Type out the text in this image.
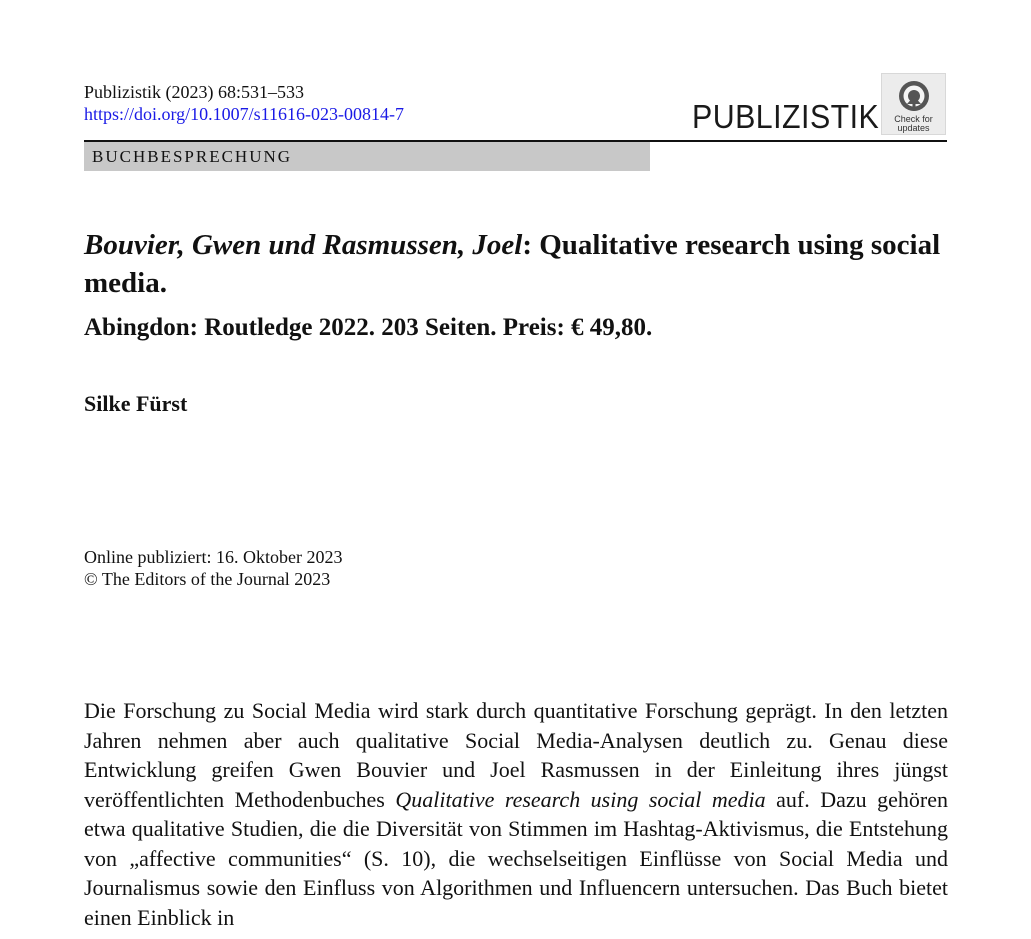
Publizistik (2023) 68:531–533
https://doi.org/10.1007/s11616-023-00814-7	PUBLIZISTIK	Check for
updates
BUCHBESPRECHUNG
Bouvier, Gwen und Rasmussen, Joel: Qualitative research using social media.

Abingdon: Routledge 2022. 203 Seiten. Preis: € 49,80.

Silke Fürst
Online publiziert: 16. Oktober 2023
© The Editors of the Journal 2023

Die Forschung zu Social Media wird stark durch quantitative Forschung geprägt. In den letzten Jahren nehmen aber auch qualitative Social Media-Analysen deutlich zu. Genau diese Entwicklung greifen Gwen Bouvier und Joel Rasmussen in der Einleitung ihres jüngst veröffentlichten Methodenbuches Qualitative research using social media auf. Dazu gehören etwa qualitative Studien, die die Diversität von Stimmen im Hashtag-Aktivismus, die Entstehung von „affective communities“ (S. 10), die wechselseitigen Einflüsse von Social Media und Journalismus sowie den Einfluss von Algorithmen und Influencern untersuchen. Das Buch bietet einen Einblick in
